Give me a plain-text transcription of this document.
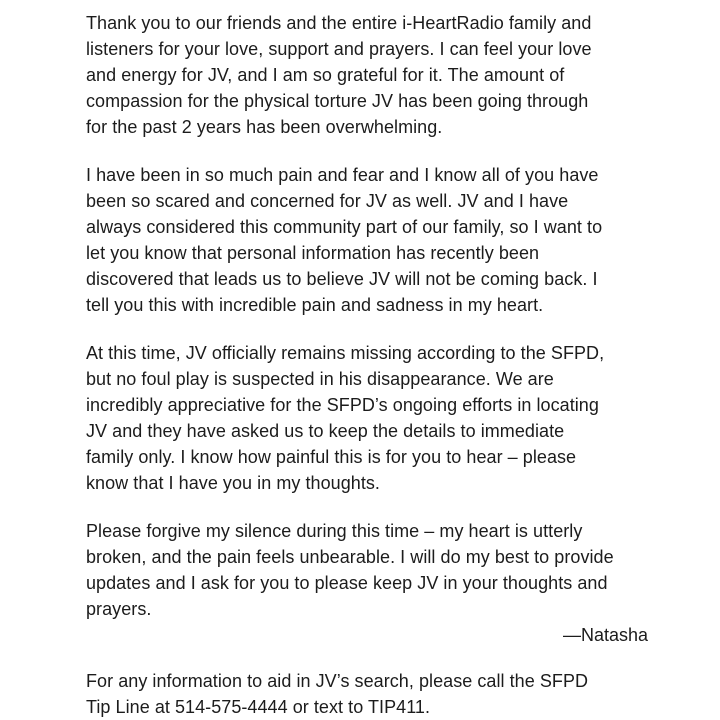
Thank you to our friends and the entire i-HeartRadio family and
listeners for your love, support and prayers. I can feel your love
and energy for JV, and I am so grateful for it. The amount of
compassion for the physical torture JV has been going through
for the past 2 years has been overwhelming.

I have been in so much pain and fear and I know all of you have
been so scared and concerned for JV as well. JV and I have
always considered this community part of our family, so I want to
let you know that personal information has recently been
discovered that leads us to believe JV will not be coming back. I
tell you this with incredible pain and sadness in my heart.

At this time, JV officially remains missing according to the SFPD,
but no foul play is suspected in his disappearance. We are
incredibly appreciative for the SFPD’s ongoing efforts in locating
JV and they have asked us to keep the details to immediate
family only. I know how painful this is for you to hear – please
know that I have you in my thoughts.

Please forgive my silence during this time – my heart is utterly
broken, and the pain feels unbearable. I will do my best to provide
updates and I ask for you to please keep JV in your thoughts and
prayers.

—Natasha

For any information to aid in JV’s search, please call the SFPD
Tip Line at 514-575-4444 or text to TIP411.
